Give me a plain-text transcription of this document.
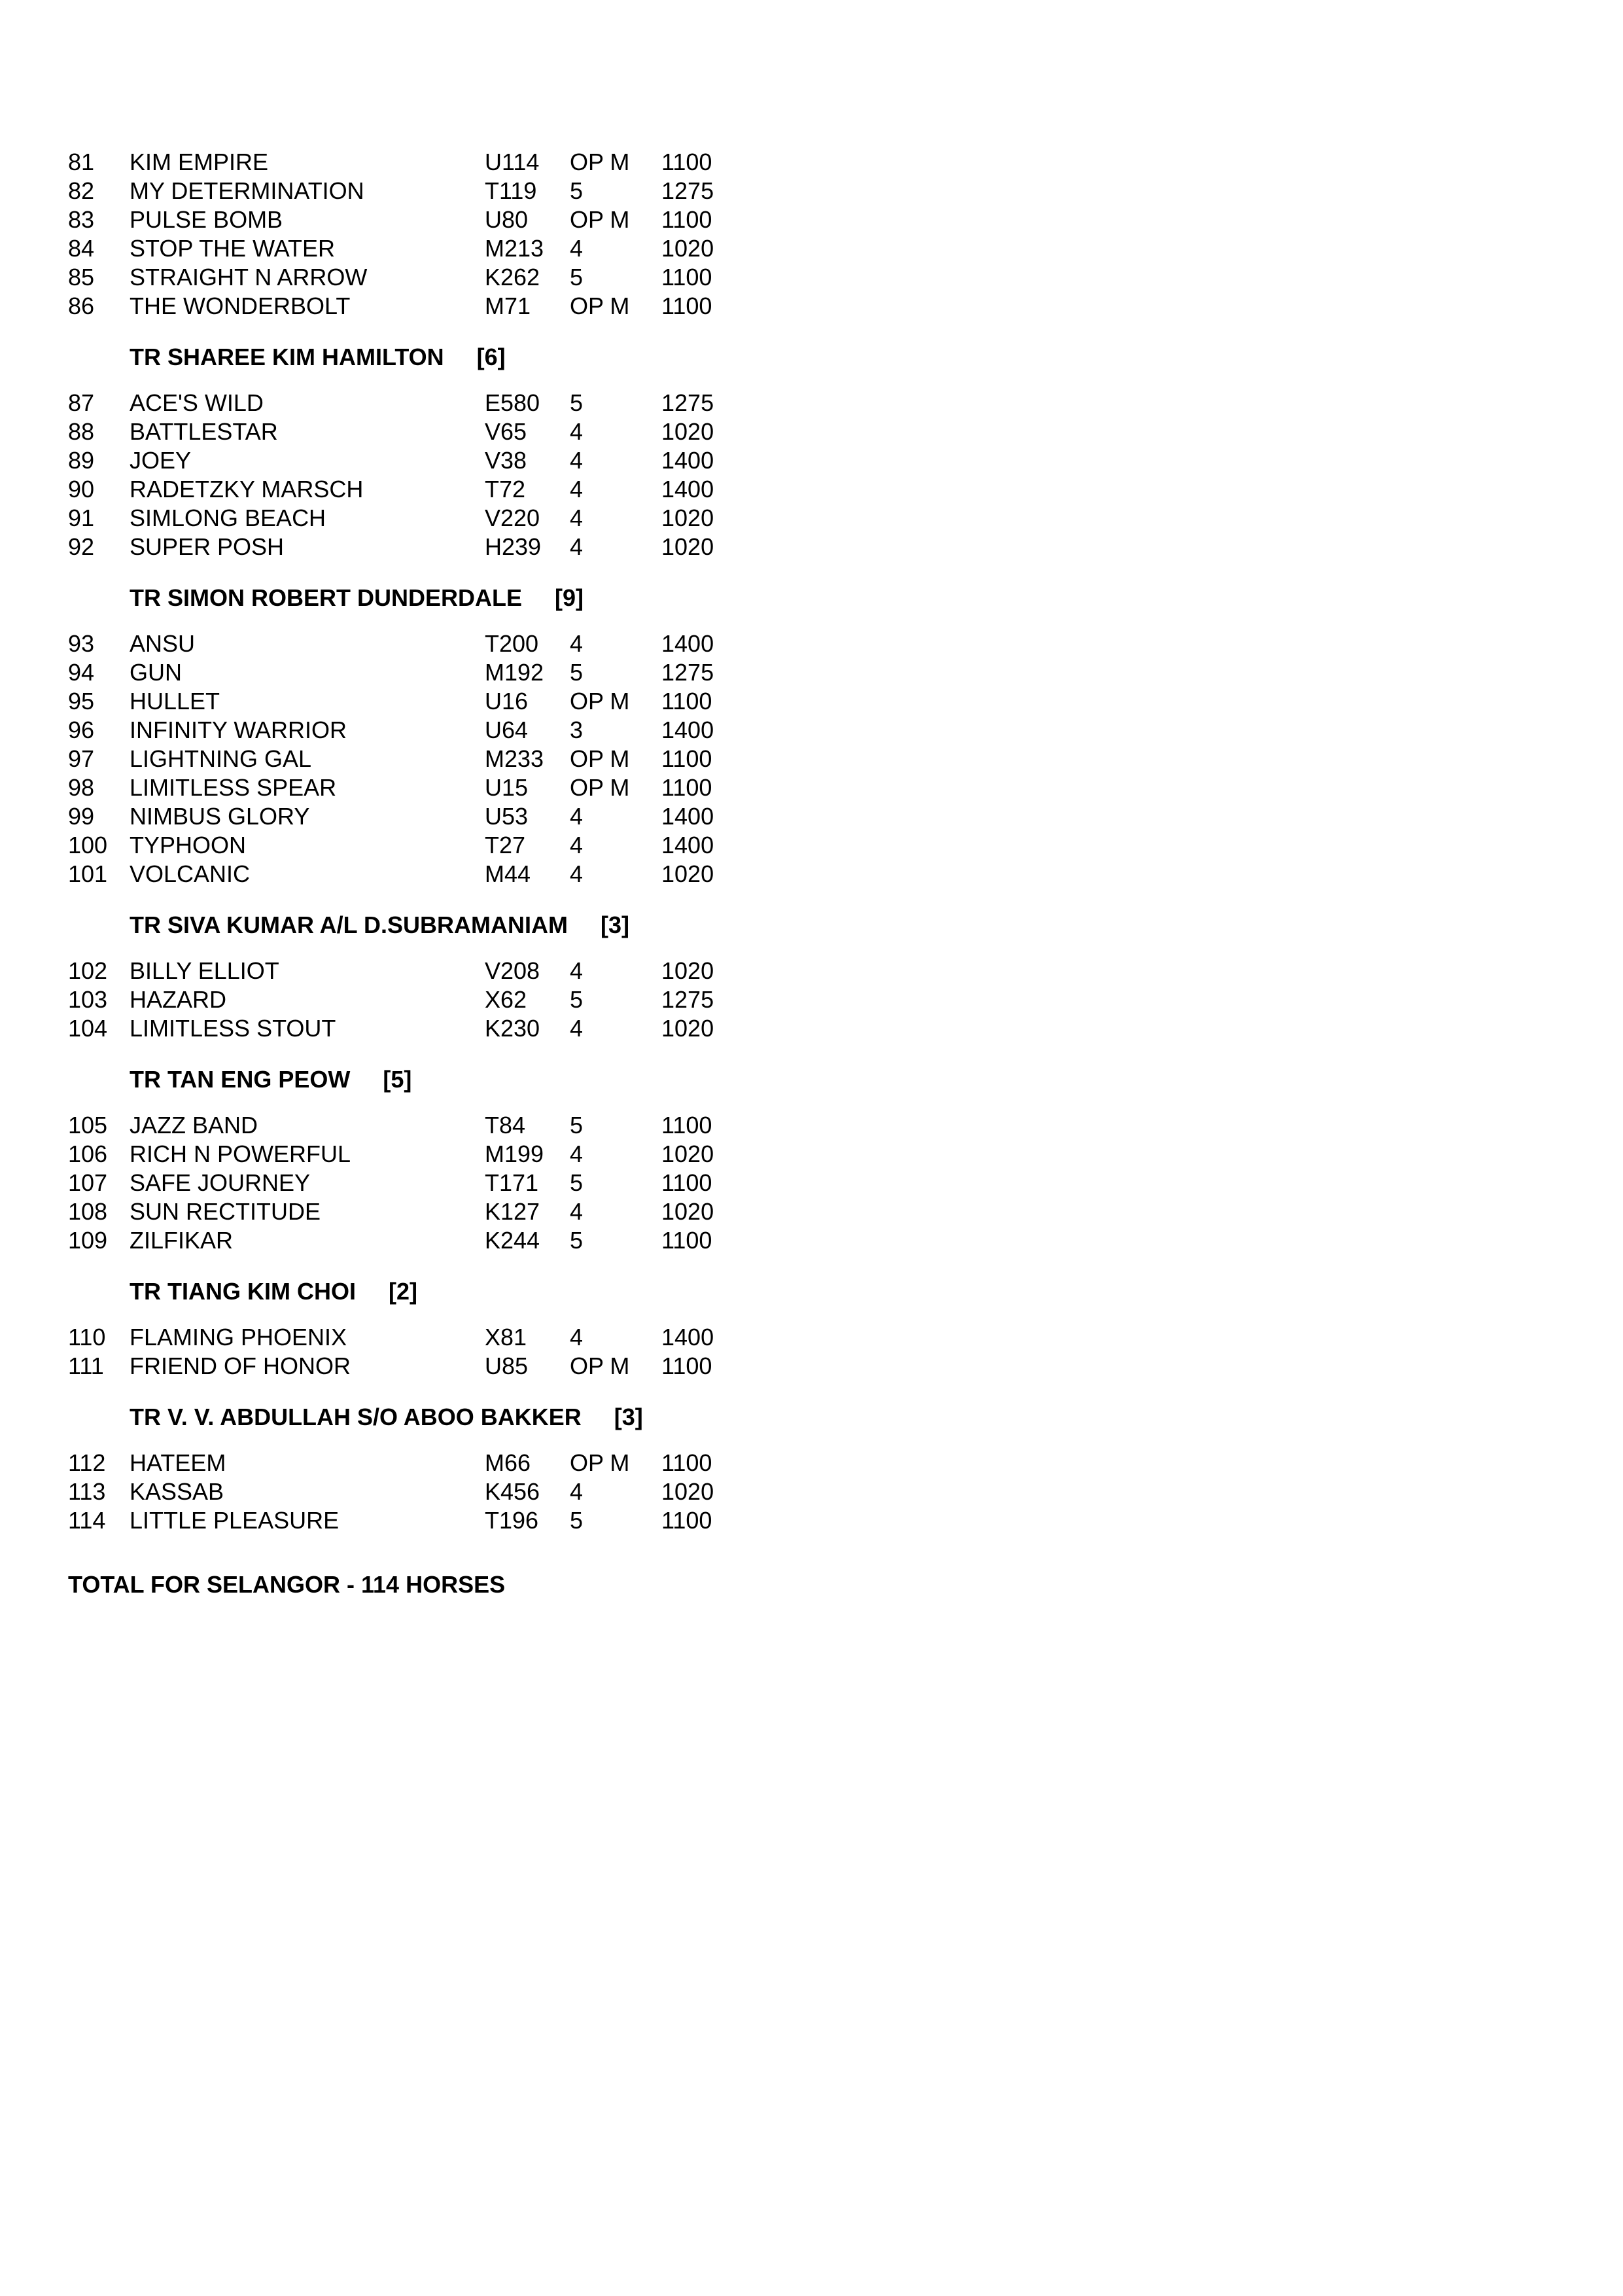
81 KIM EMPIRE	U114 OP M 1100
82 MY DETERMINATION	T119 5	1275
83 PULSE BOMB	U80 OP M 1100
84 STOP THE WATER	M213 4	1020
85 STRAIGHT N ARROW	K262 5	1100
86 THE WONDERBOLT	M71 OP M 1100
TR SHAREE KIM HAMILTON [6]
87 ACE'S WILD	E580 5	1275
88 BATTLESTAR	V65 4	1020
89 JOEY	V38 4	1400
90 RADETZKY MARSCH	T72 4	1400
91 SIMLONG BEACH	V220 4	1020
92 SUPER POSH	H239 4	1020
TR SIMON ROBERT DUNDERDALE [9]
93 ANSU	T200 4	1400
94 GUN	M192 5	1275
95 HULLET	U16 OP M 1100
96 INFINITY WARRIOR	U64 3	1400
97 LIGHTNING GAL	M233 OP M 1100
98 LIMITLESS SPEAR	U15 OP M 1100
99 NIMBUS GLORY	U53 4	1400
100 TYPHOON	T27 4	1400
101 VOLCANIC	M44 4	1020
TR SIVA KUMAR A/L D.SUBRAMANIAM [3]
102 BILLY ELLIOT	V208 4	1020
103 HAZARD	X62 5	1275
104 LIMITLESS STOUT	K230 4	1020
TR TAN ENG PEOW [5]
105 JAZZ BAND	T84 5	1100
106 RICH N POWERFUL	M199 4	1020
107 SAFE JOURNEY	T171 5	1100
108 SUN RECTITUDE	K127 4	1020
109 ZILFIKAR	K244 5	1100
TR TIANG KIM CHOI [2]
110 FLAMING PHOENIX	X81 4	1400
111 FRIEND OF HONOR	U85 OP M 1100
TR V. V. ABDULLAH S/O ABOO BAKKER [3]
112 HATEEM	M66 OP M 1100
113 KASSAB	K456 4	1020
114 LITTLE PLEASURE	T196 5	1100
TOTAL FOR SELANGOR - 114 HORSES
